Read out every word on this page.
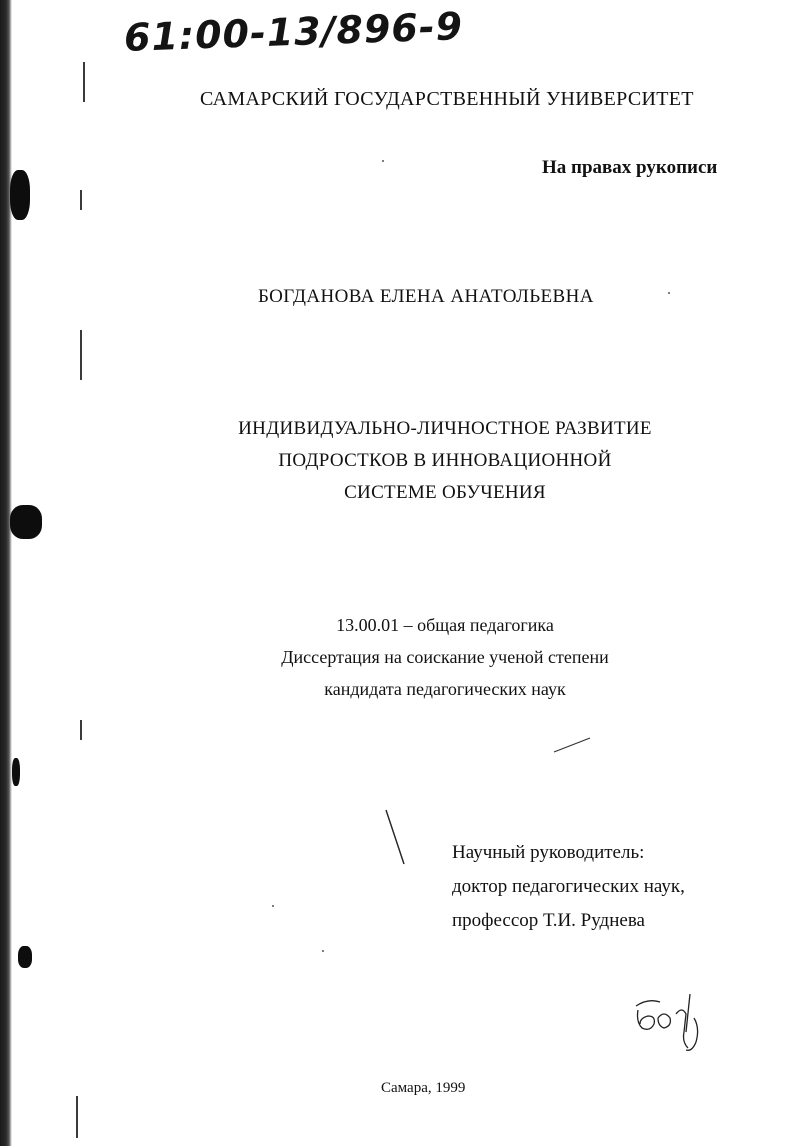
61:00-13/896-9
САМАРСКИЙ ГОСУДАРСТВЕННЫЙ УНИВЕРСИТЕТ
На правах рукописи
БОГДАНОВА ЕЛЕНА АНАТОЛЬЕВНА
ИНДИВИДУАЛЬНО-ЛИЧНОСТНОЕ РАЗВИТИЕ
ПОДРОСТКОВ В ИННОВАЦИОННОЙ
СИСТЕМЕ ОБУЧЕНИЯ
13.00.01 – общая педагогика
Диссертация на соискание ученой степени
кандидата педагогических наук
Научный руководитель:
доктор педагогических наук,
профессор Т.И. Руднева
Бог
Самара, 1999
